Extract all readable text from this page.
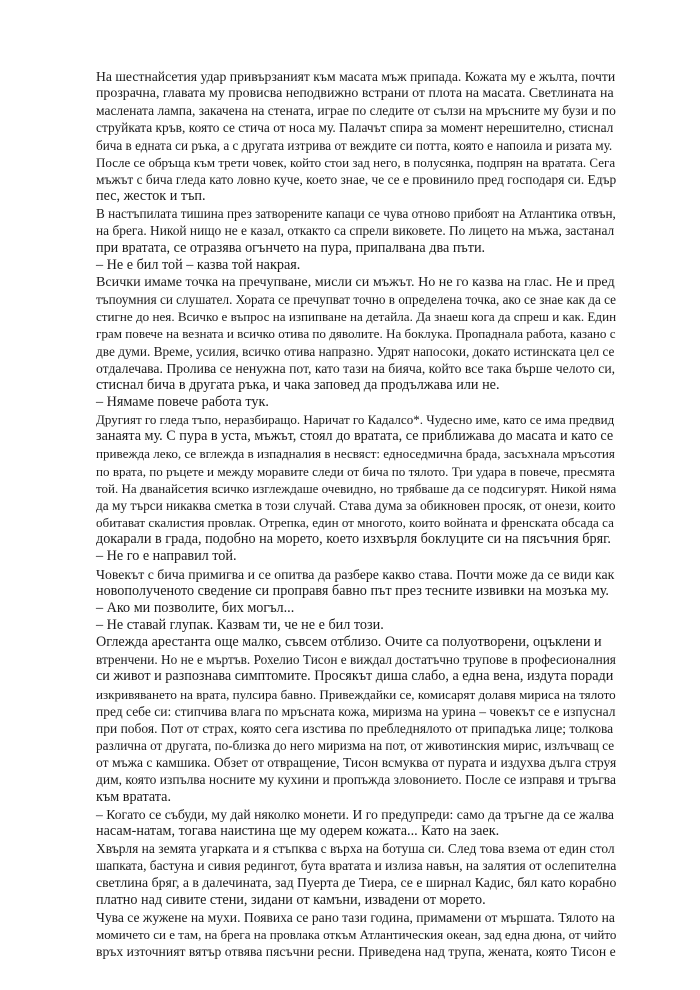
На шестнайсетия удар привързаният към масата мъж припада. Кожата му е жълта, почти
прозрачна, главата му провисва неподвижно встрани от плота на масата. Светлината на
маслената лампа, закачена на стената, играе по следите от сълзи на мръсните му бузи и по
струйката кръв, която се стича от носа му. Палачът спира за момент нерешително, стиснал
бича в едната си ръка, а с другата изтрива от веждите си потта, която е напоила и ризата му.
После се обръща към трети човек, който стои зад него, в полусянка, подпрян на вратата. Сега
мъжът с бича гледа като ловно куче, което знае, че се е провинило пред господаря си. Едър
пес, жесток и тъп.
В настъпилата тишина през затворените капаци се чува отново прибоят на Атлантика отвън,
на брега. Никой нищо не е казал, откакто са спрели виковете. По лицето на мъжа, застанал
при вратата, се отразява огънчето на пура, припалвана два пъти.
– Не е бил той – казва той накрая.
Всички имаме точка на пречупване, мисли си мъжът. Но не го казва на глас. Не и пред
тъпоумния си слушател. Хората се пречупват точно в определена точка, ако се знае как да се
стигне до нея. Всичко е въпрос на изпипване на детайла. Да знаеш кога да спреш и как. Един
грам повече на везната и всичко отива по дяволите. На боклука. Пропаднала работа, казано с
две думи. Време, усилия, всичко отива напразно. Удрят напосоки, докато истинската цел се
отдалечава. Пролива се ненужна пот, като тази на бияча, който все така бърше челото си,
стиснал бича в другата ръка, и чака заповед да продължава или не.
– Нямаме повече работа тук.
Другият го гледа тъпо, неразбиращо. Наричат го Кадалсо*. Чудесно име, като се има предвид
занаята му. С пура в уста, мъжът, стоял до вратата, се приближава до масата и като се
привежда леко, се вглежда в изпадналия в несвяст: едноседмична брада, засъхнала мръсотия
по врата, по ръцете и между моравите следи от бича по тялото. Три удара в повече, пресмята
той. На дванайсетия всичко изглеждаше очевидно, но трябваше да се подсигурят. Никой няма
да му търси никаква сметка в този случай. Става дума за обикновен просяк, от онези, които
обитават скалистия провлак. Отрепка, един от многото, които войната и френската обсада са
докарали в града, подобно на морето, което изхвърля боклуците си на пясъчния бряг.
– Не го е направил той.
Човекът с бича примигва и се опитва да разбере какво става. Почти може да се види как
новополученото сведение си проправя бавно път през тесните извивки на мозъка му.
– Ако ми позволите, бих могъл...
– Не ставай глупак. Казвам ти, че не е бил този.
Оглежда арестанта още малко, съвсем отблизо. Очите са полуотворени, оцъклени и
втренчени. Но не е мъртъв. Рохелио Тисон е виждал достатъчно трупове в професионалния
си живот и разпознава симптомите. Просякът диша слабо, а една вена, издута поради
изкривяването на врата, пулсира бавно. Привеждайки се, комисарят долавя мириса на тялото
пред себе си: стипчива влага по мръсната кожа, миризма на урина – човекът се е изпуснал
при побоя. Пот от страх, която сега изстива по пребледнялото от припадъка лице; толкова
различна от другата, по-близка до него миризма на пот, от животинския мирис, излъчващ се
от мъжа с камшика. Обзет от отвращение, Тисон всмуква от пурата и издухва дълга струя
дим, която изпълва носните му кухини и пропъжда зловонието. После се изправя и тръгва
към вратата.
– Когато се събуди, му дай няколко монети. И го предупреди: само да тръгне да се жалва
насам-натам, тогава наистина ще му одерем кожата... Като на заек.
Хвърля на земята угарката и я стъпква с върха на ботуша си. След това взема от един стол
шапката, бастуна и сивия редингот, бута вратата и излиза навън, на залятия от ослепителна
светлина бряг, а в далечината, зад Пуерта де Тиера, се е ширнал Кадис, бял като корабно
платно над сивите стени, зидани от камъни, извадени от морето.
Чува се жужене на мухи. Появиха се рано тази година, примамени от мършата. Тялото на
момичето си е там, на брега на провлака откъм Атлантическия океан, зад една дюна, от чийто
връх източният вятър отвява пясъчни ресни. Приведена над трупа, жената, която Тисон е
